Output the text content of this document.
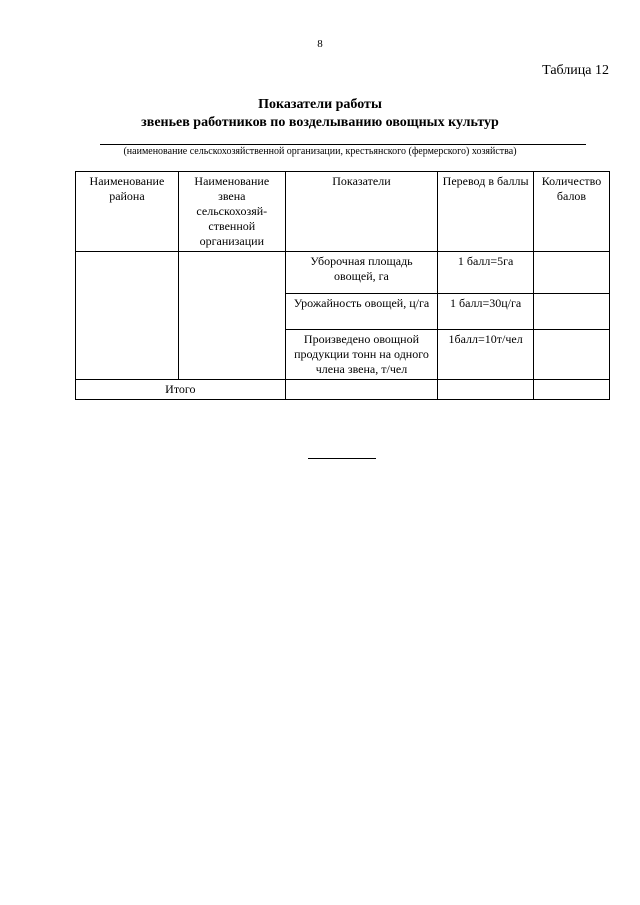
8
Таблица 12
Показатели работы
звеньев работников по возделыванию овощных культур
(наименование сельскохозяйственной организации, крестьянского (фермерского) хозяйства)
Наименование района	Наименование звена сельскохозяй-ственной организации	Показатели	Перевод в баллы	Количество балов
		Уборочная площадь овощей, га	1 балл=5га	
		Урожайность овощей, ц/га	1 балл=30ц/га	
		Произведено овощной продукции тонн на одного члена звена, т/чел	1балл=10т/чел	
Итого				
